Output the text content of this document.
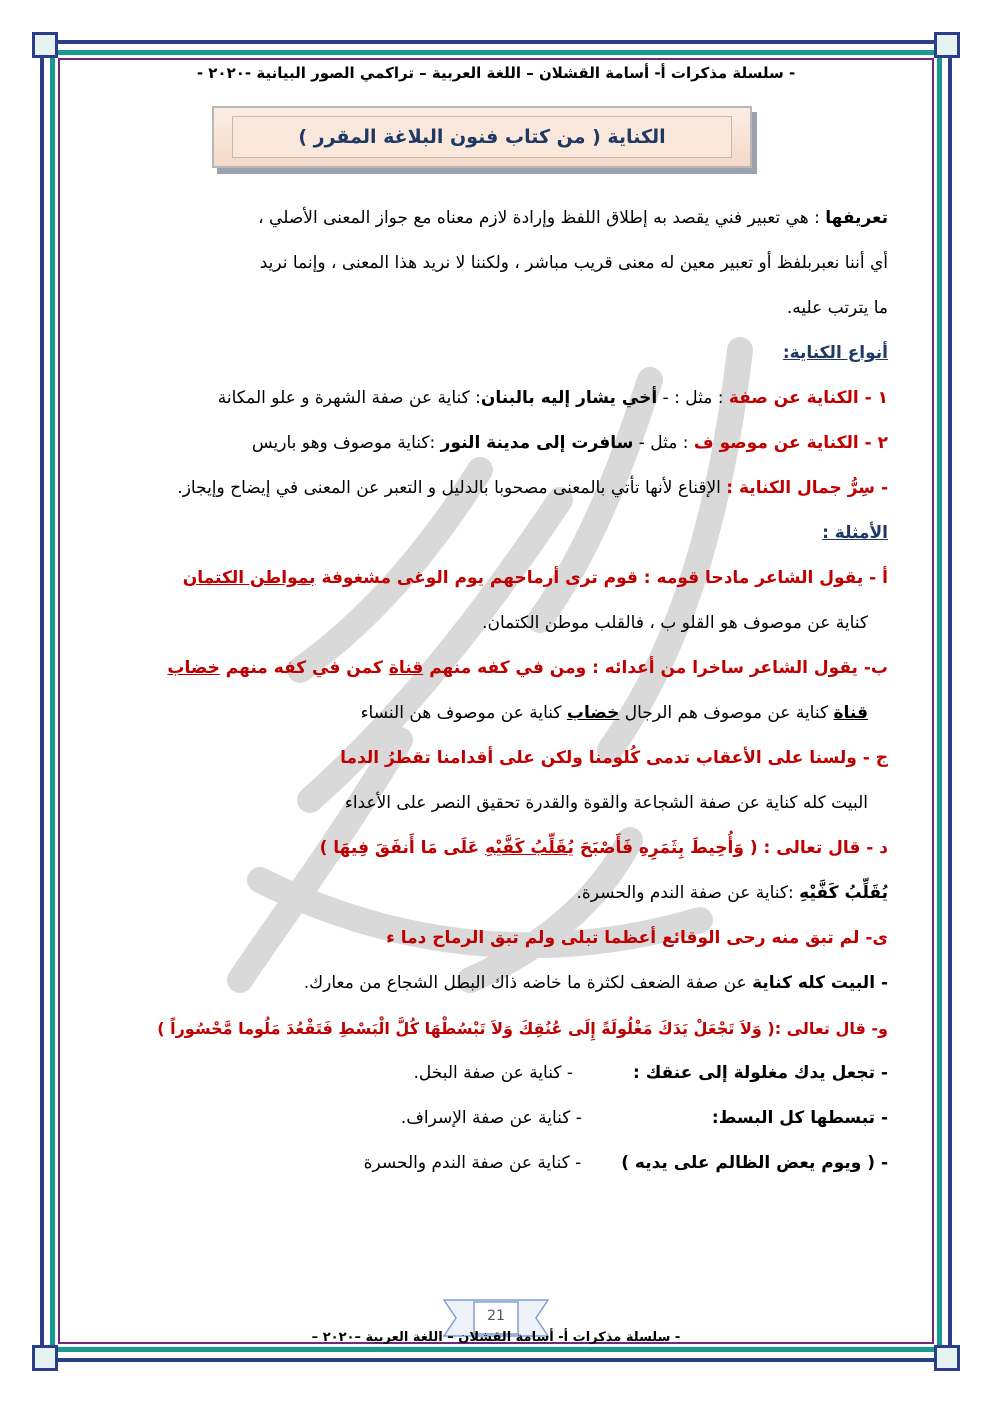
- سلسلة مذكرات أ- أسامة القشلان – اللغة العربية – تراكمي الصور البيانية -٢٠٢٠ -
الكناية ( من كتاب فنون البلاغة المقرر )

تعريفها : هي تعبير فني يقصد به إطلاق اللفظ وإرادة لازم معناه مع جواز المعنى الأصلي ،

أي أننا نعبربلفظ أو تعبير معين له معنى قريب مباشر ، ولكننا لا نريد هذا المعنى ، وإنما نريد

ما يترتب عليه.

أنواع الكناية:

١ - الكناية عن صفة : مثل : - أخي يشار إليه بالبنان: كناية عن صفة الشهرة و علو المكانة

٢ - الكناية عن موصو ف : مثل - سافرت إلى مدينة النور :كناية موصوف وهو باريس

- سِرُّ جمال الكناية : الإقناع لأنها تأتي بالمعنى مصحوبا بالدليل و التعبر عن المعنى في إيضاح وإيجاز.

الأمثلة :

أ - يقول الشاعر مادحا قومه : قوم ترى أرماحهم يوم الوغى مشغوفة بمواطن الكتمان

كناية عن موصوف هو القلو ب ، فالقلب موطن الكتمان.

ب- يقول الشاعر ساخرا من أعدائه : ومن في كفه منهم قناة كمن في كفه منهم خضاب

قناة كناية عن موصوف هم الرجال خضاب كناية عن موصوف هن النساء

ج - ولسنا على الأعقاب تدمى كُلومنا ولكن على أقدامنا تقطرُ الدما

البيت كله كناية عن صفة الشجاعة والقوة والقدرة تحقيق النصر على الأعداء

د - قال تعالى : ( وَأُحِيطَ بِثَمَرِهِ فَأَصْبَحَ يُقَلِّبُ كَفَّيْهِ عَلَى مَا أَنفَقَ فِيهَا )

يُقَلِّبُ كَفَّيْهِ :كناية عن صفة الندم والحسرة.

ى- لم تبق منه رحى الوقائع أعظما تبلى ولم تبق الرماح دما ء

- البيت كله كناية عن صفة الضعف لكثرة ما خاضه ذاك البطل الشجاع من معارك.

و- قال تعالى :( وَلاَ تَجْعَلْ يَدَكَ مَغْلُولَةً إِلَى عُنُقِكَ وَلاَ تَبْسُطْهَا كُلَّ الْبَسْطِ فَتَقْعُدَ مَلُوما مَّحْسُوراً )

- تجعل يدك مغلولة إلى عنقك :- كناية عن صفة البخل.

- تبسطها كل البسط:- كناية عن صفة الإسراف.

- ( ويوم يعض الظالم على يديه )- كناية عن صفة الندم والحسرة

21
- سلسلة مذكرات أ- أسامة القشلان – اللغة العربية –٢٠٢٠ –
